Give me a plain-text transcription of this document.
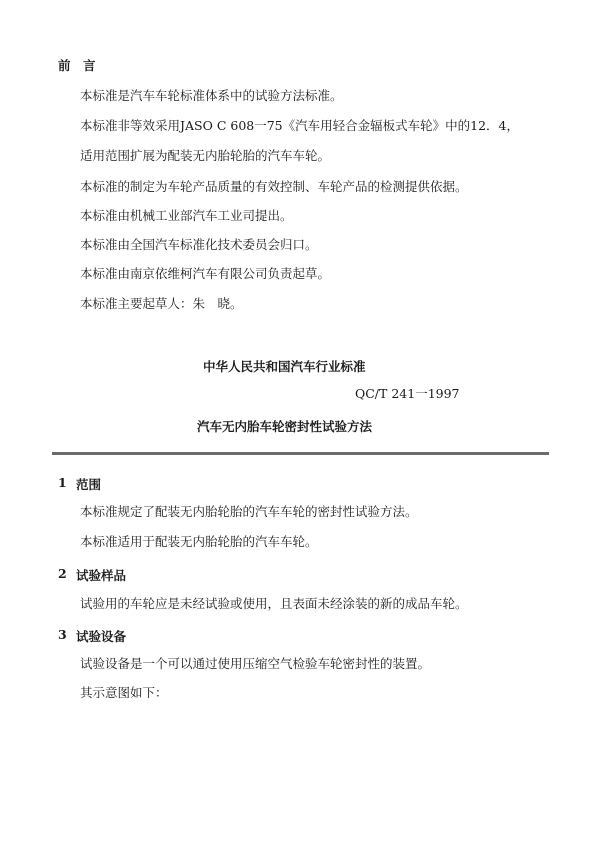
前　言
本标准是汽车车轮标准体系中的试验方法标准。
本标准非等效采用JASO C 608一75《汽车用轻合金辐板式车轮》中的12．4，
适用范围扩展为配装无内胎轮胎的汽车车轮。
本标准的制定为车轮产品质量的有效控制、车轮产品的检测提供依据。
本标准由机械工业部汽车工业司提出。
本标准由全国汽车标准化技术委员会归口。
本标准由南京依维柯汽车有限公司负责起草。
本标准主要起草人：朱　晓。
中华人民共和国汽车行业标准
QC/T 241一1997
汽车无内胎车轮密封性试验方法
1 范围
本标准规定了配装无内胎轮胎的汽车车轮的密封性试验方法。
本标准适用于配装无内胎轮胎的汽车车轮。
2 试验样品
试验用的车轮应是未经试验或使用，且表面未经涂装的新的成品车轮。
3 试验设备
试验设备是一个可以通过使用压缩空气检验车轮密封性的装置。
其示意图如下：
